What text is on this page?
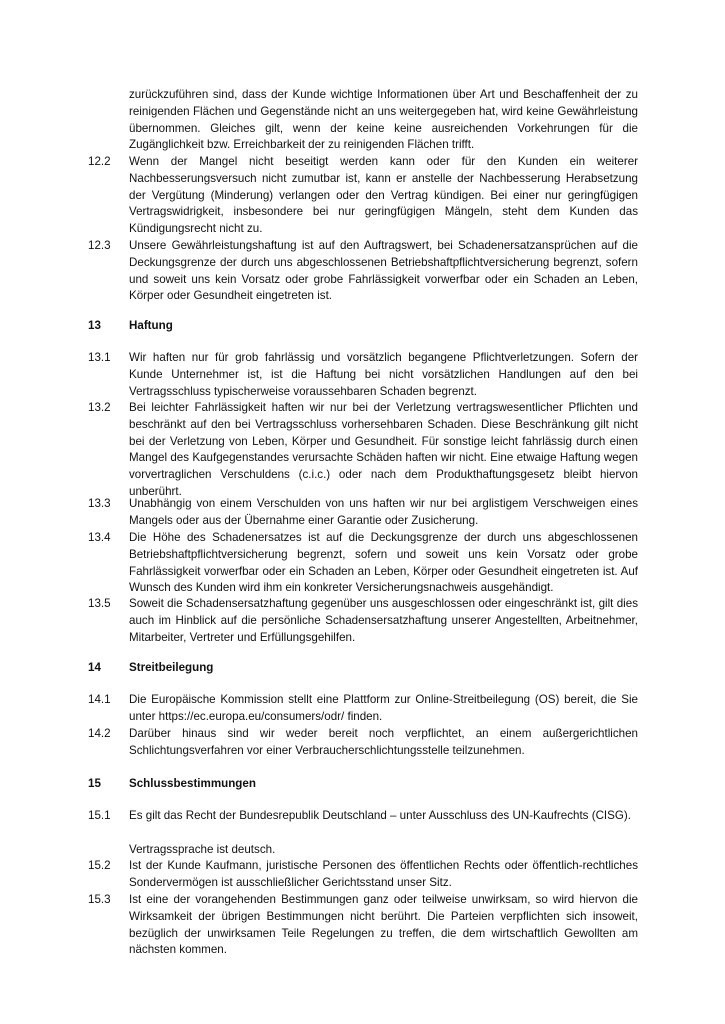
zurückzuführen sind, dass der Kunde wichtige Informationen über Art und Beschaffenheit der zu reinigenden Flächen und Gegenstände nicht an uns weitergegeben hat, wird keine Gewährleistung übernommen. Gleiches gilt, wenn der keine keine ausreichenden Vorkehrungen für die Zugänglichkeit bzw. Erreichbarkeit der zu reinigenden Flächen trifft.
12.2 Wenn der Mangel nicht beseitigt werden kann oder für den Kunden ein weiterer Nachbesserungsversuch nicht zumutbar ist, kann er anstelle der Nachbesserung Herabsetzung der Vergütung (Minderung) verlangen oder den Vertrag kündigen. Bei einer nur geringfügigen Vertragswidrigkeit, insbesondere bei nur geringfügigen Mängeln, steht dem Kunden das Kündigungsrecht nicht zu.
12.3 Unsere Gewährleistungshaftung ist auf den Auftragswert, bei Schadenersatzansprüchen auf die Deckungsgrenze der durch uns abgeschlossenen Betriebshaftpflichtversicherung begrenzt, sofern und soweit uns kein Vorsatz oder grobe Fahrlässigkeit vorwerfbar oder ein Schaden an Leben, Körper oder Gesundheit eingetreten ist.
13 Haftung
13.1 Wir haften nur für grob fahrlässig und vorsätzlich begangene Pflichtverletzungen. Sofern der Kunde Unternehmer ist, ist die Haftung bei nicht vorsätzlichen Handlungen auf den bei Vertragsschluss typischerweise voraussehbaren Schaden begrenzt.
13.2 Bei leichter Fahrlässigkeit haften wir nur bei der Verletzung vertragswesentlicher Pflichten und beschränkt auf den bei Vertragsschluss vorhersehbaren Schaden. Diese Beschränkung gilt nicht bei der Verletzung von Leben, Körper und Gesundheit. Für sonstige leicht fahrlässig durch einen Mangel des Kaufgegenstandes verursachte Schäden haften wir nicht. Eine etwaige Haftung wegen vorvertraglichen Verschuldens (c.i.c.) oder nach dem Produkthaftungsgesetz bleibt hiervon unberührt.
13.3 Unabhängig von einem Verschulden von uns haften wir nur bei arglistigem Verschweigen eines Mangels oder aus der Übernahme einer Garantie oder Zusicherung.
13.4 Die Höhe des Schadenersatzes ist auf die Deckungsgrenze der durch uns abgeschlossenen Betriebshaftpflichtversicherung begrenzt, sofern und soweit uns kein Vorsatz oder grobe Fahrlässigkeit vorwerfbar oder ein Schaden an Leben, Körper oder Gesundheit eingetreten ist. Auf Wunsch des Kunden wird ihm ein konkreter Versicherungsnachweis ausgehändigt.
13.5 Soweit die Schadensersatzhaftung gegenüber uns ausgeschlossen oder eingeschränkt ist, gilt dies auch im Hinblick auf die persönliche Schadensersatzhaftung unserer Angestellten, Arbeitnehmer, Mitarbeiter, Vertreter und Erfüllungsgehilfen.
14 Streitbeilegung
14.1 Die Europäische Kommission stellt eine Plattform zur Online-Streitbeilegung (OS) bereit, die Sie unter https://ec.europa.eu/consumers/odr/ finden.
14.2 Darüber hinaus sind wir weder bereit noch verpflichtet, an einem außergerichtlichen Schlichtungsverfahren vor einer Verbraucherschlichtungsstelle teilzunehmen.
15 Schlussbestimmungen
15.1 Es gilt das Recht der Bundesrepublik Deutschland – unter Ausschluss des UN-Kaufrechts (CISG).
Vertragssprache ist deutsch.
15.2 Ist der Kunde Kaufmann, juristische Personen des öffentlichen Rechts oder öffentlich-rechtliches Sondervermögen ist ausschließlicher Gerichtsstand unser Sitz.
15.3 Ist eine der vorangehenden Bestimmungen ganz oder teilweise unwirksam, so wird hiervon die Wirksamkeit der übrigen Bestimmungen nicht berührt. Die Parteien verpflichten sich insoweit, bezüglich der unwirksamen Teile Regelungen zu treffen, die dem wirtschaftlich Gewollten am nächsten kommen.
